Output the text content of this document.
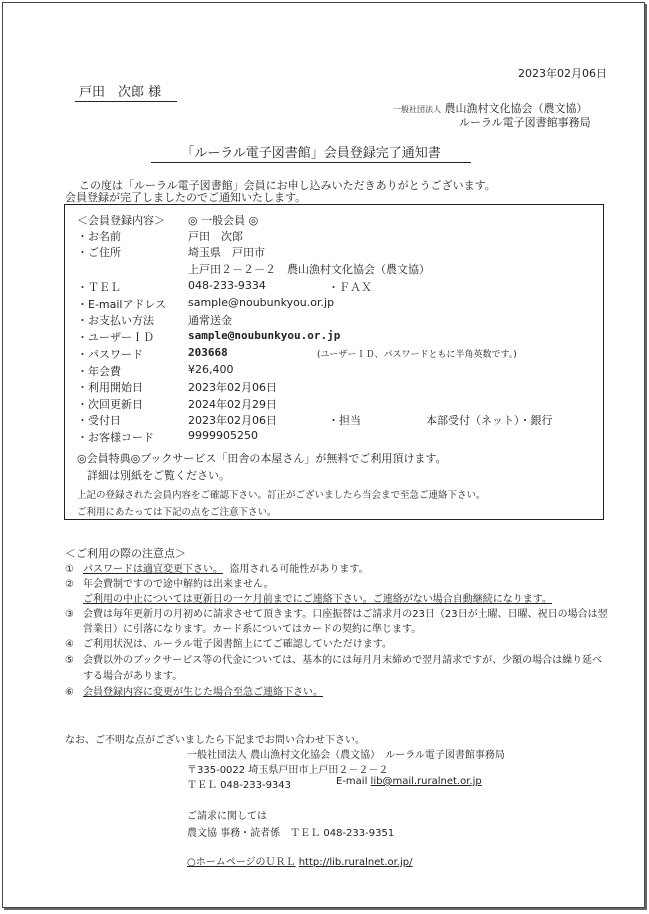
2023年02月06日
戸田　次郎 様
一般社団法人 農山漁村文化協会（農文協）
ルーラル電子図書館事務局
「ルーラル電子図書館」会員登録完了通知書
この度は「ルーラル電子図書館」会員にお申し込みいただきありがとうございます。
会員登録が完了しましたのでご通知いたします。
＜会員登録内容＞ ◎ 一般会員 ◎
・お名前	戸田　次郎
・ご住所	埼玉県　戸田市
上戸田２－２－２　農山漁村文化協会（農文協）
・ＴＥＬ	048-233-9334	・ＦＡＸ
・E-mailアドレス sample@noubunkyou.or.jp
・お支払い方法	通常送金
・ユーザーＩＤ	sample@noubunkyou.or.jp
・パスワード	203668	(ユーザーＩＤ、パスワードともに半角英数です。)
・年会費	¥26,400
・利用開始日	2023年02月06日
・次回更新日	2024年02月29日
・受付日	2023年02月06日	・担当	本部受付（ネット）・銀行
・お客様コード	9999905250
◎会員特典◎ブックサービス「田舎の本屋さん」が無料でご利用頂けます。
詳細は別紙をご覧ください。
上記の登録された会員内容をご確認下さい。訂正がございましたら当会まで至急ご連絡下さい。
ご利用にあたっては下記の点をご注意下さい。
＜ご利用の際の注意点＞
① パスワードは適宜変更下さい。 盗用される可能性があります。
② 年会費制ですので途中解約は出来ません。
ご利用の中止については更新日の一ケ月前までにご連絡下さい。ご連絡がない場合自動継続になります。
③ 会費は毎年更新月の月初めに請求させて頂きます。口座振替はご請求月の23日（23日が土曜、日曜、祝日の場合は翌
営業日）に引落になります。カード系についてはカードの契約に準じます。
④ ご利用状況は、ルーラル電子図書館上にてご確認していただけます。
⑤ 会費以外のブックサービス等の代金については、基本的には毎月月末締めで翌月請求ですが、少額の場合は繰り延べ
する場合があります。
⑥ 会員登録内容に変更が生じた場合至急ご連絡下さい。
なお、ご不明な点がございましたら下記までお問い合わせ下さい。
一般社団法人 農山漁村文化協会（農文協）　ルーラル電子図書館事務局
〒335-0022 埼玉県戸田市上戸田２－２－２
ＴＥＬ 048-233-9343	E-mail lib@mail.ruralnet.or.jp
ご請求に関しては
農文協 事務・読者係　ＴＥＬ 048-233-9351
○ホームページのＵＲＬ http://lib.ruralnet.or.jp/
